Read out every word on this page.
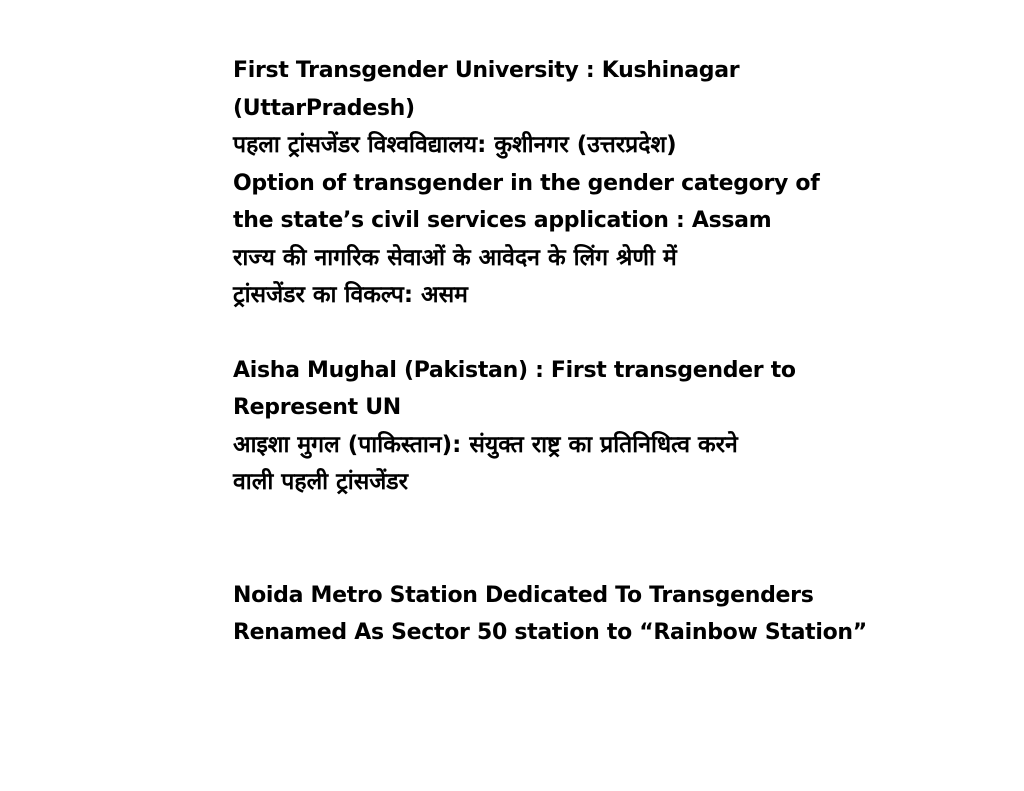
First Transgender University : Kushinagar
(UttarPradesh)
पहला ट्रांसजेंडर विश्वविद्यालय: कुशीनगर (उत्तरप्रदेश)
Option of transgender in the gender category of
the state’s civil services application : Assam
राज्य की नागरिक सेवाओं के आवेदन के लिंग श्रेणी में
ट्रांसजेंडर का विकल्प: असम
Aisha Mughal (Pakistan) : First transgender to
Represent UN
आइशा मुगल (पाकिस्तान): संयुक्त राष्ट्र का प्रतिनिधित्व करने
वाली पहली ट्रांसजेंडर
Noida Metro Station Dedicated To Transgenders
Renamed As Sector 50 station to “Rainbow Station”
